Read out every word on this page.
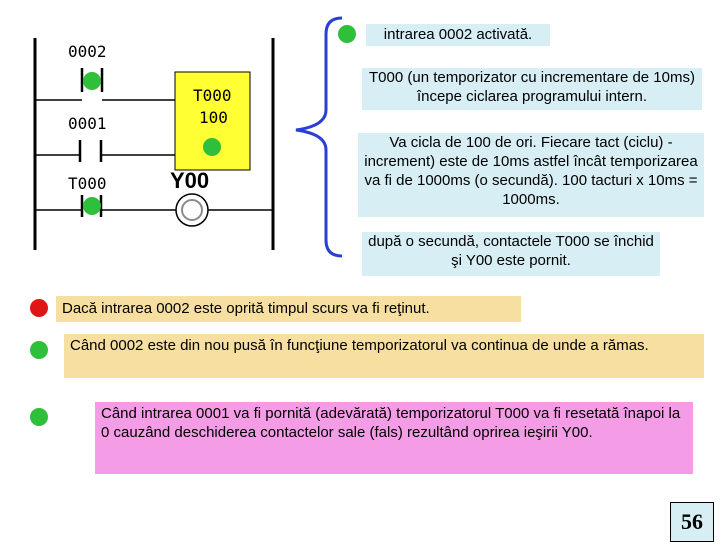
0002
0001
T000
T000
100
Y00
intrarea 0002 activată.
T000 (un temporizator cu incrementare de 10ms) începe ciclarea programului intern.
Va cicla de 100 de ori. Fiecare tact (ciclu) -increment) este de 10ms astfel încât temporizarea va fi de 1000ms (o secundă). 100 tacturi x 10ms = 1000ms.
după o secundă, contactele T000 se închid şi Y00 este pornit.
Dacă intrarea 0002 este oprită timpul scurs va fi reţinut.
Când 0002 este din nou pusă în funcţiune temporizatorul va continua de unde a rămas.
Când intrarea 0001 va fi pornită (adevărată) temporizatorul T000 va fi resetată înapoi la 0 cauzând deschiderea contactelor sale (fals) rezultând oprirea ieşirii Y00.
56
